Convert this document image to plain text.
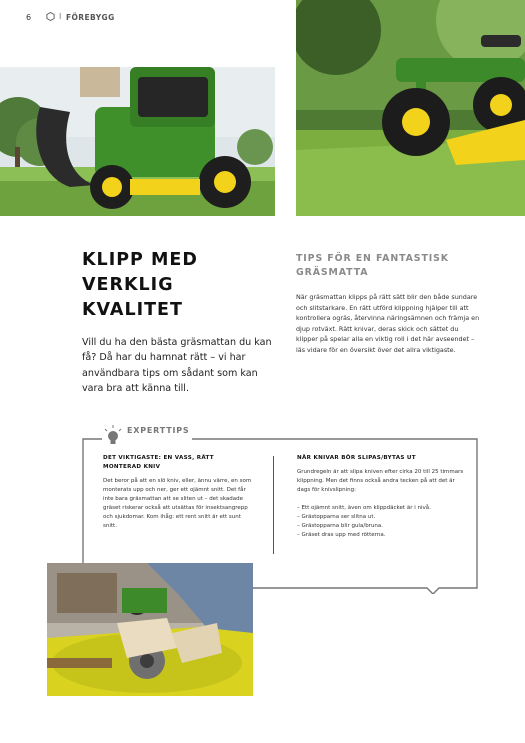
6	I FÖREBYGG
KLIPP MED
VERKLIG
KVALITET

Vill du ha den bästa gräsmattan du kan få? Då har du hamnat rätt – vi har användbara tips om sådant som kan vara bra att känna till.

TIPS FÖR EN FANTASTISK GRÄSMATTA

När gräsmattan klipps på rätt sätt blir den både sundare och slitstarkare. En rätt utförd klippning hjälper till att kontrollera ogräs, återvinna näringsämnen och främja en djup rotväxt. Rätt knivar, deras skick och sättet du klipper på spelar alla en viktig roll i det här avseendet – läs vidare för en översikt över det allra viktigaste.

EXPERTTIPS
DET VIKTIGASTE: EN VASS, RÄTT MONTERAD KNIV
Det beror på att en slö kniv, eller, ännu värre, en som monterats upp och ner, ger ett ojämnt snitt. Det får inte bara gräsmattan att se sliten ut – det skadade gräset riskerar också att utsättas för insektsangrepp och sjukdomar. Kom ihåg: ett rent snitt är ett sunt snitt.
NÄR KNIVAR BÖR SLIPAS/BYTAS UT
Grundregeln är att slipa kniven efter cirka 20 till 25 timmars klippning. Men det finns också andra tecken på att det är dags för knivslipning:
– Ett ojämnt snitt, även om klippdäcket är i nivå.
– Grästopparna ser slitna ut.
– Grästopparna blir gula/bruna.
– Gräset dras upp med rötterna.
